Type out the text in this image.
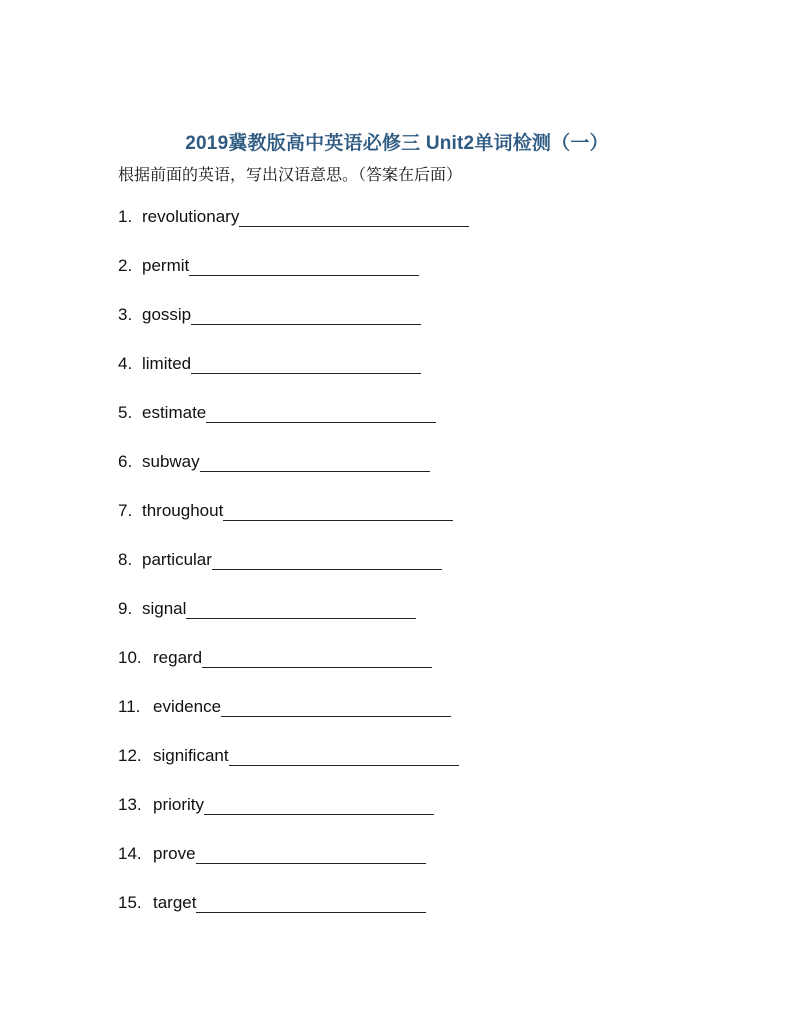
2019冀教版高中英语必修三 Unit2单词检测（一）
根据前面的英语，写出汉语意思。（答案在后面）
1. revolutionary
2. permit
3. gossip
4. limited
5. estimate
6. subway
7. throughout
8. particular
9. signal
10. regard
11. evidence
12. significant
13. priority
14. prove
15. target
